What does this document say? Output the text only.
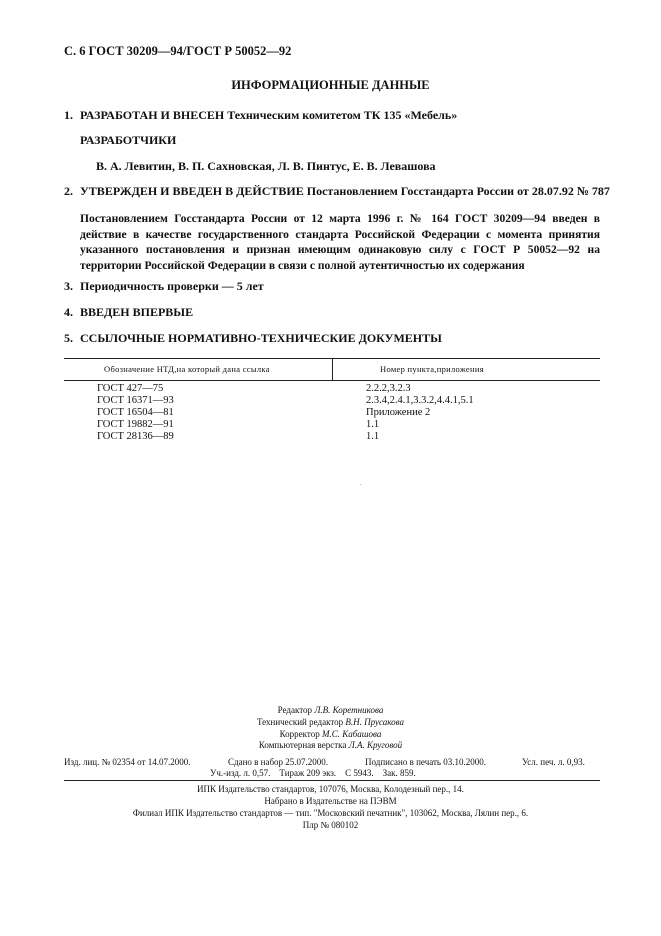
С. 6 ГОСТ 30209—94/ГОСТ Р 50052—92
ИНФОРМАЦИОННЫЕ ДАННЫЕ
1. РАЗРАБОТАН И ВНЕСЕН Техническим комитетом ТК 135 «Мебель»
РАЗРАБОТЧИКИ
В. А. Левитин, В. П. Сахновская, Л. В. Пинтус, Е. В. Левашова
2. УТВЕРЖДЕН И ВВЕДЕН В ДЕЙСТВИЕ Постановлением Госстандарта России от 28.07.92 № 787
Постановлением Госстандарта России от 12 марта 1996 г. № 164 ГОСТ 30209—94 введен в действие в качестве государственного стандарта Российской Федерации с момента принятия указанного постановления и признан имеющим одинаковую силу с ГОСТ Р 50052—92 на территории Российской Федерации в связи с полной аутентичностью их содержания
3. Периодичность проверки — 5 лет
4. ВВЕДЕН ВПЕРВЫЕ
5. ССЫЛОЧНЫЕ НОРМАТИВНО-ТЕХНИЧЕСКИЕ ДОКУМЕНТЫ
Обозначение НТД,на который дана ссылка	Номер пункта,приложения
ГОСТ 427—75	2.2.2,3.2.3
ГОСТ 16371—93	2.3.4,2.4.1,3.3.2,4.4.1,5.1
ГОСТ 16504—81	Приложение 2
ГОСТ 19882—91	1.1
ГОСТ 28136—89	1.1
Редактор Л.В. Коретникова
Технический редактор В.Н. Прусакова
Корректор М.С. Кабашова
Компьютерная верстка Л.А. Круговой
Изд. лиц. № 02354 от 14.07.2000.	Сдано в набор 25.07.2000.	Подписано в печать 03.10.2000.	Усл. печ. л. 0,93.
Уч.-изд. л. 0,57.    Тираж 209 экз.    С 5943.    Зак. 859.
ИПК Издательство стандартов, 107076, Москва, Колодезный пер., 14.
Набрано в Издательстве на ПЭВМ
Филиал ИПК Издательство стандартов — тип. "Московский печатник", 103062, Москва, Лялин пер., 6.
Плр № 080102
